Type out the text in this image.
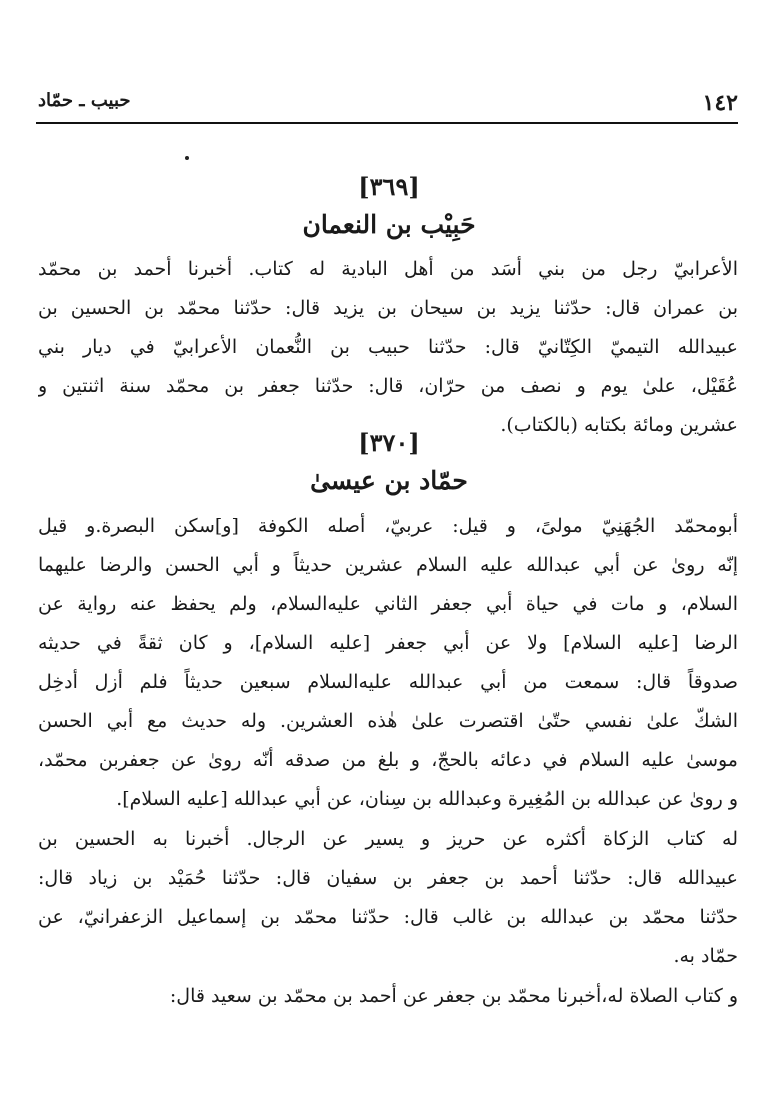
١٤٢
حبيب ـ حمّاد
[٣٦٩]
حَبِيْب بن النعمان
الأعرابيّ رجل من بني أسَد من أهل البادية له كتاب. أخبرنا أحمد بن محمّد
بن عمران قال: حدّثنا يزيد بن سيحان بن يزيد قال: حدّثنا محمّد بن الحسين بن
عبيدالله التيميّ الكِتّانيّ قال: حدّثنا حبيب بن النُّعمان الأعرابيّ في ديار بني
عُقَيْل، علىٰ يوم و نصف من حرّان، قال: حدّثنا جعفر بن محمّد سنة اثنتين و
عشرين ومائة بكتابه (بالكتاب).
[٣٧٠]
حمّاد بن عيسىٰ
أبومحمّد الجُهَنِيّ مولىً، و قيل: عربيّ، أصله الكوفة [و]سكن البصرة.و قيل
إنّه روىٰ عن أبي عبدالله عليه السلام عشرين حديثاً و أبي الحسن والرضا عليهما
السلام، و مات في حياة أبي جعفر الثاني عليه‌السلام، ولم يحفظ عنه رواية عن
الرضا [عليه السلام] ولا عن أبي جعفر [عليه السلام]، و كان ثقةً في حديثه
صدوقاً قال: سمعت من أبي عبدالله عليه‌السلام سبعين حديثاً فلم أزل أدخِل
الشكّ علىٰ نفسي حتّىٰ اقتصرت علىٰ هٰذه العشرين. وله حديث مع أبي الحسن
موسىٰ عليه السلام في دعائه بالحجّ، و بلغ من صدقه أنّه روىٰ عن جعفربن محمّد،
و روىٰ عن عبدالله بن المُغِيرة وعبدالله بن سِنان، عن أبي عبدالله [عليه السلام].
له كتاب الزكاة أكثره عن حريز و يسير عن الرجال. أخبرنا به الحسين بن
عبيدالله قال: حدّثنا أحمد بن جعفر بن سفيان قال: حدّثنا حُمَيْد بن زياد قال:
حدّثنا محمّد بن عبدالله بن غالب قال: حدّثنا محمّد بن إسماعيل الزعفرانيّ، عن
حمّاد به.
و كتاب الصلاة له،أخبرنا محمّد بن جعفر عن أحمد بن محمّد بن سعيد قال:
